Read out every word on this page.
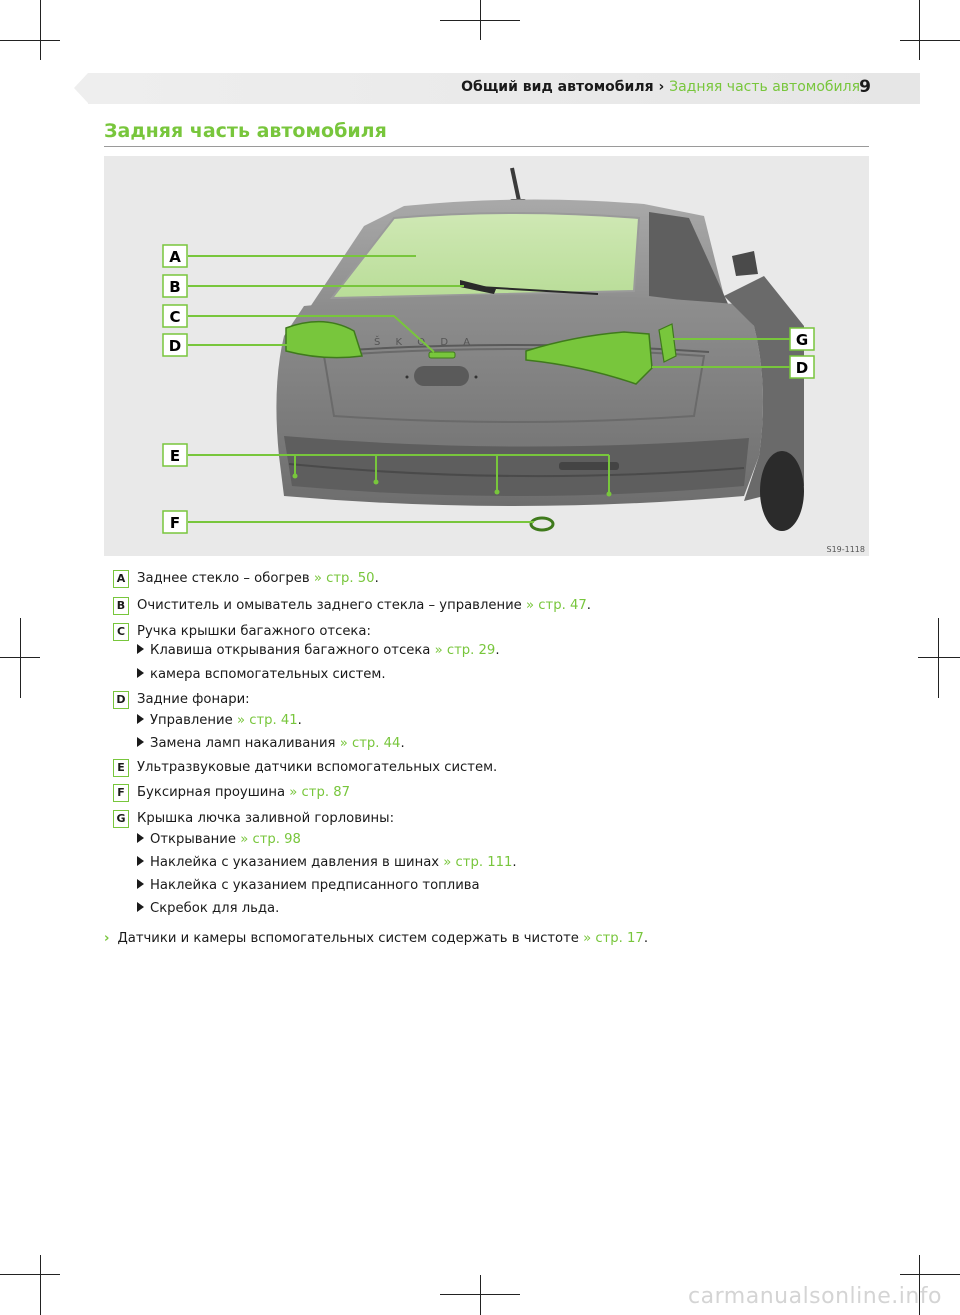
Общий вид автомобиля › Задняя часть автомобиля 9
Задняя часть автомобиля
Š K O D A
A
B
C
D
E
F
G
D
S19-1118
A Заднее стекло – обогрев » стр. 50.
B Очиститель и омыватель заднего стекла – управление » стр. 47.
C Ручка крышки багажного отсека:
Клавиша открывания багажного отсека » стр. 29.
камера вспомогательных систем.
D Задние фонари:
Управление » стр. 41.
Замена ламп накаливания » стр. 44.
E Ультразвуковые датчики вспомогательных систем.
F Буксирная проушина » стр. 87
G Крышка лючка заливной горловины:
Открывание » стр. 98
Наклейка с указанием давления в шинах » стр. 111.
Наклейка с указанием предписанного топлива
Скребок для льда.
› Датчики и камеры вспомогательных систем содержать в чистоте » стр. 17.
carmanualsonline.info
